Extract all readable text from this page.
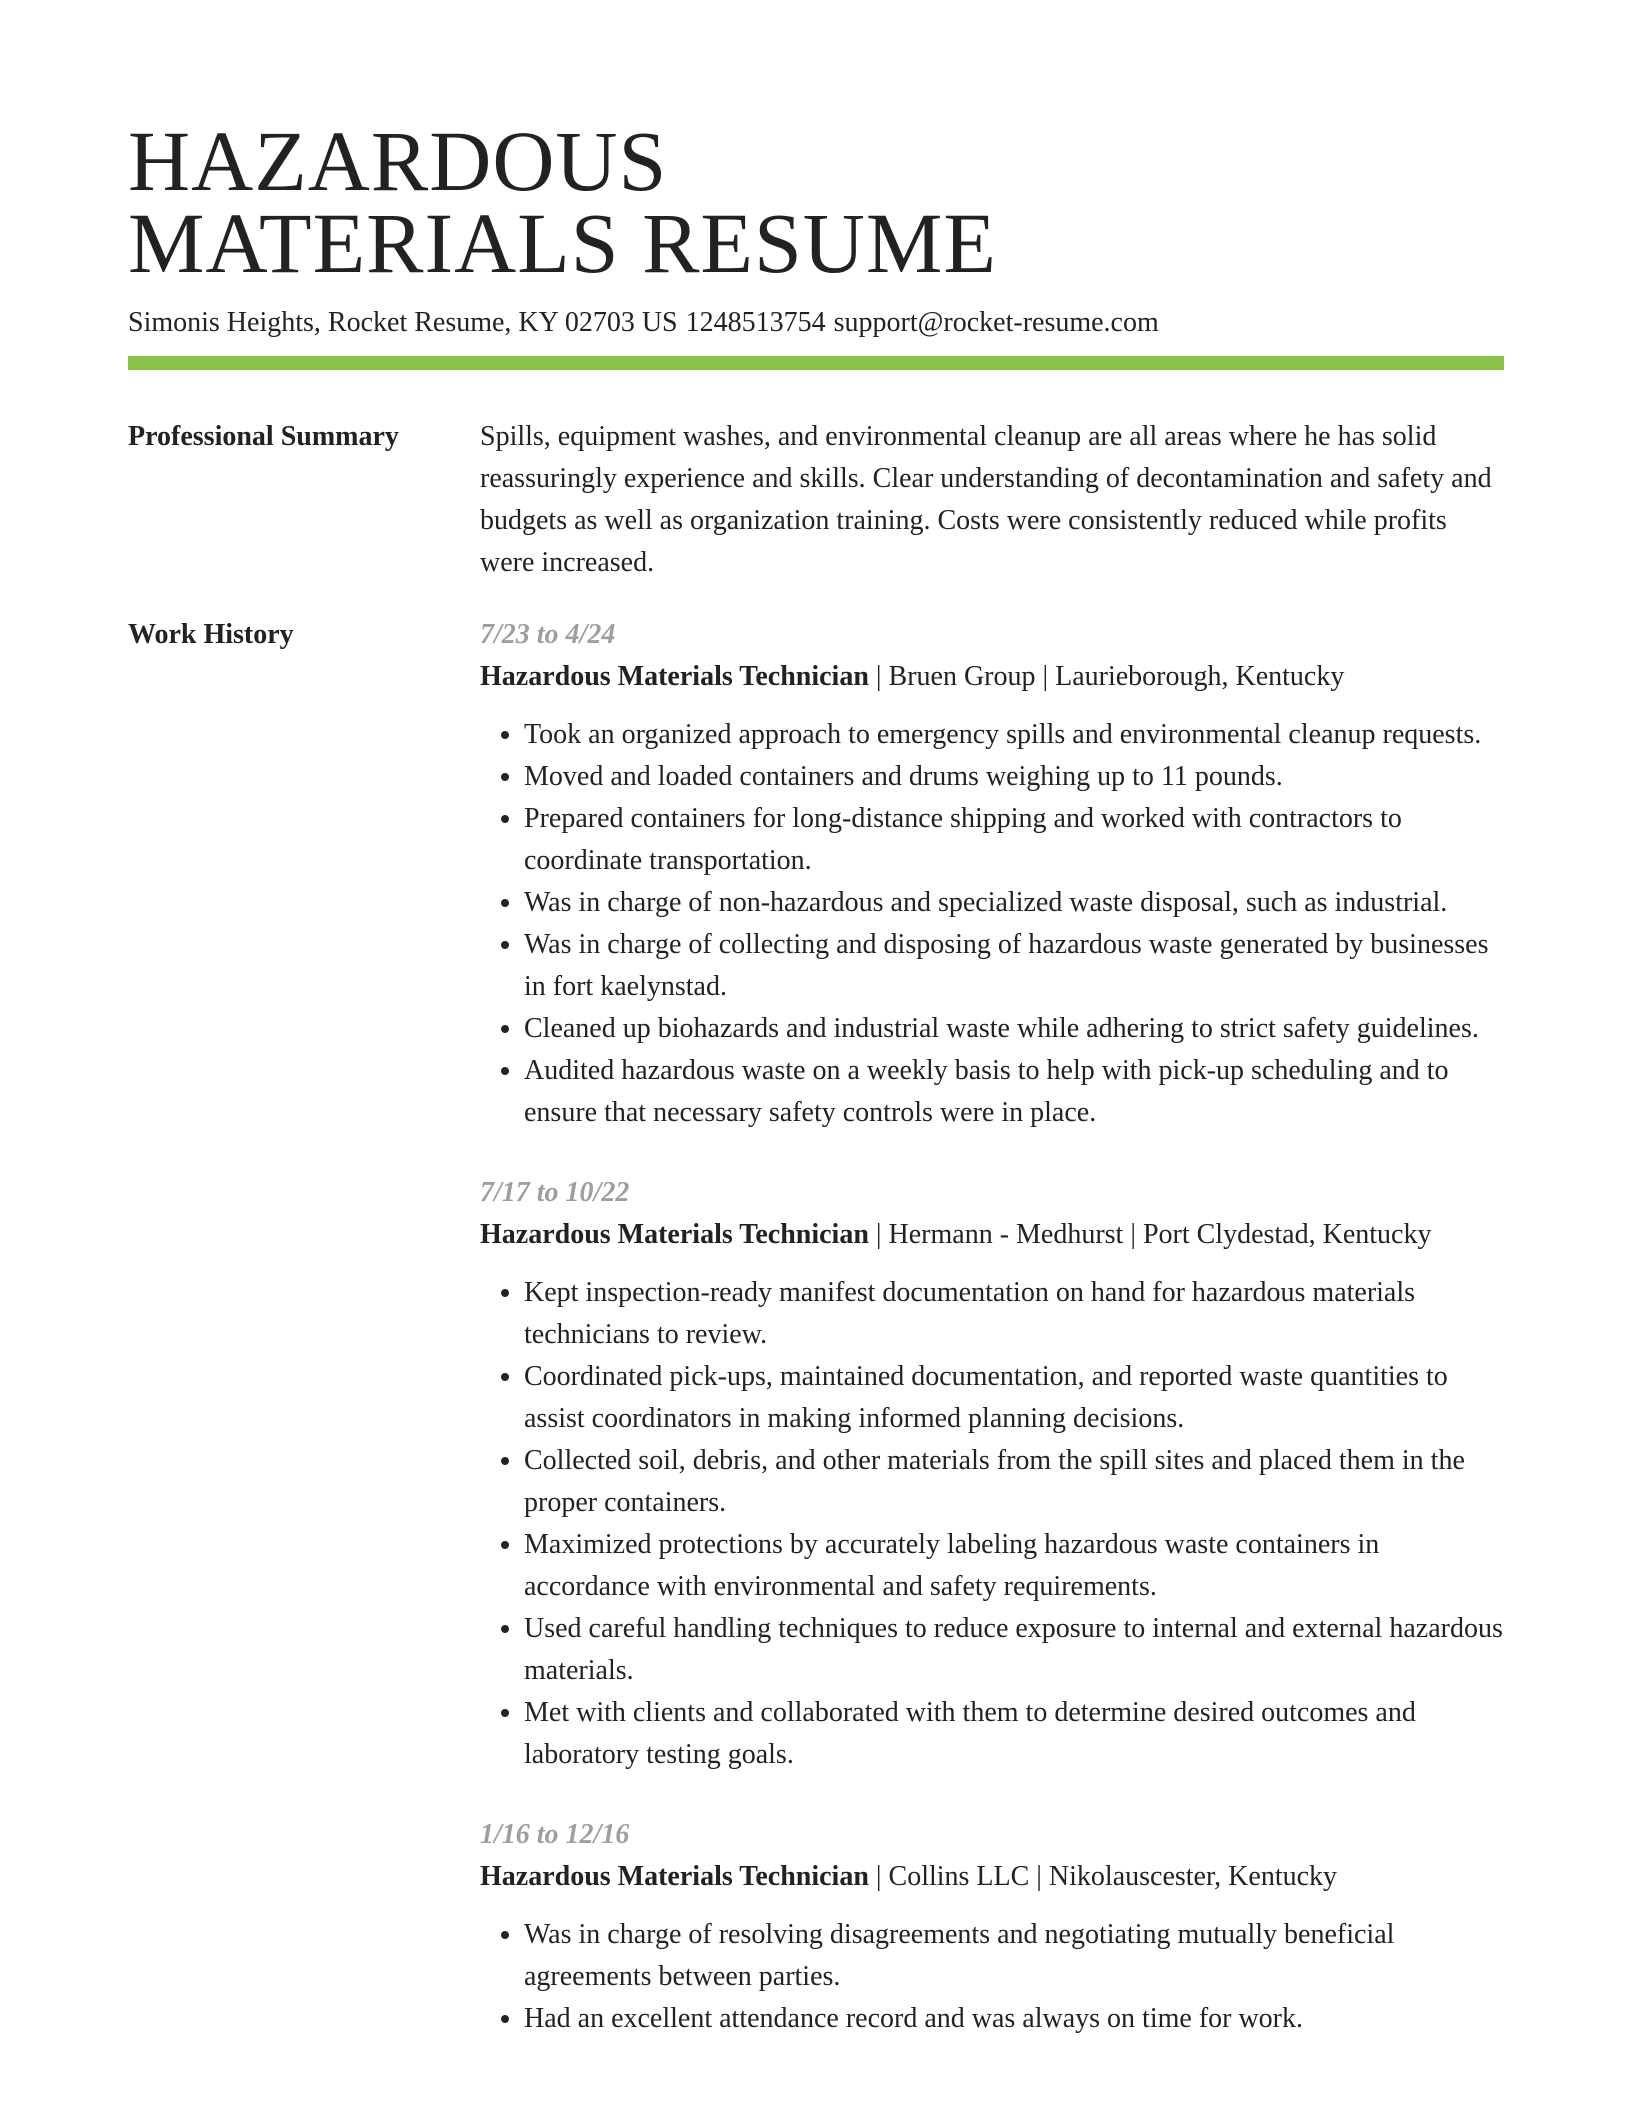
HAZARDOUS
MATERIALS RESUME
Simonis Heights, Rocket Resume, KY 02703 US 1248513754 support@rocket-resume.com
Professional Summary	Spills, equipment washes, and environmental cleanup are all areas where he has solid reassuringly experience and skills. Clear understanding of decontamination and safety and budgets as well as organization training. Costs were consistently reduced while profits were increased.

Work History	7/23 to 4/24
Hazardous Materials Technician | Bruen Group | Laurieborough, Kentucky
• Took an organized approach to emergency spills and environmental cleanup requests.
• Moved and loaded containers and drums weighing up to 11 pounds.
• Prepared containers for long-distance shipping and worked with contractors to coordinate transportation.
• Was in charge of non-hazardous and specialized waste disposal, such as industrial.
• Was in charge of collecting and disposing of hazardous waste generated by businesses in fort kaelynstad.
• Cleaned up biohazards and industrial waste while adhering to strict safety guidelines.
• Audited hazardous waste on a weekly basis to help with pick-up scheduling and to ensure that necessary safety controls were in place.
7/17 to 10/22
Hazardous Materials Technician | Hermann - Medhurst | Port Clydestad, Kentucky
• Kept inspection-ready manifest documentation on hand for hazardous materials technicians to review.
• Coordinated pick-ups, maintained documentation, and reported waste quantities to assist coordinators in making informed planning decisions.
• Collected soil, debris, and other materials from the spill sites and placed them in the proper containers.
• Maximized protections by accurately labeling hazardous waste containers in accordance with environmental and safety requirements.
• Used careful handling techniques to reduce exposure to internal and external hazardous materials.
• Met with clients and collaborated with them to determine desired outcomes and laboratory testing goals.
1/16 to 12/16
Hazardous Materials Technician | Collins LLC | Nikolauscester, Kentucky
• Was in charge of resolving disagreements and negotiating mutually beneficial agreements between parties.
• Had an excellent attendance record and was always on time for work.
